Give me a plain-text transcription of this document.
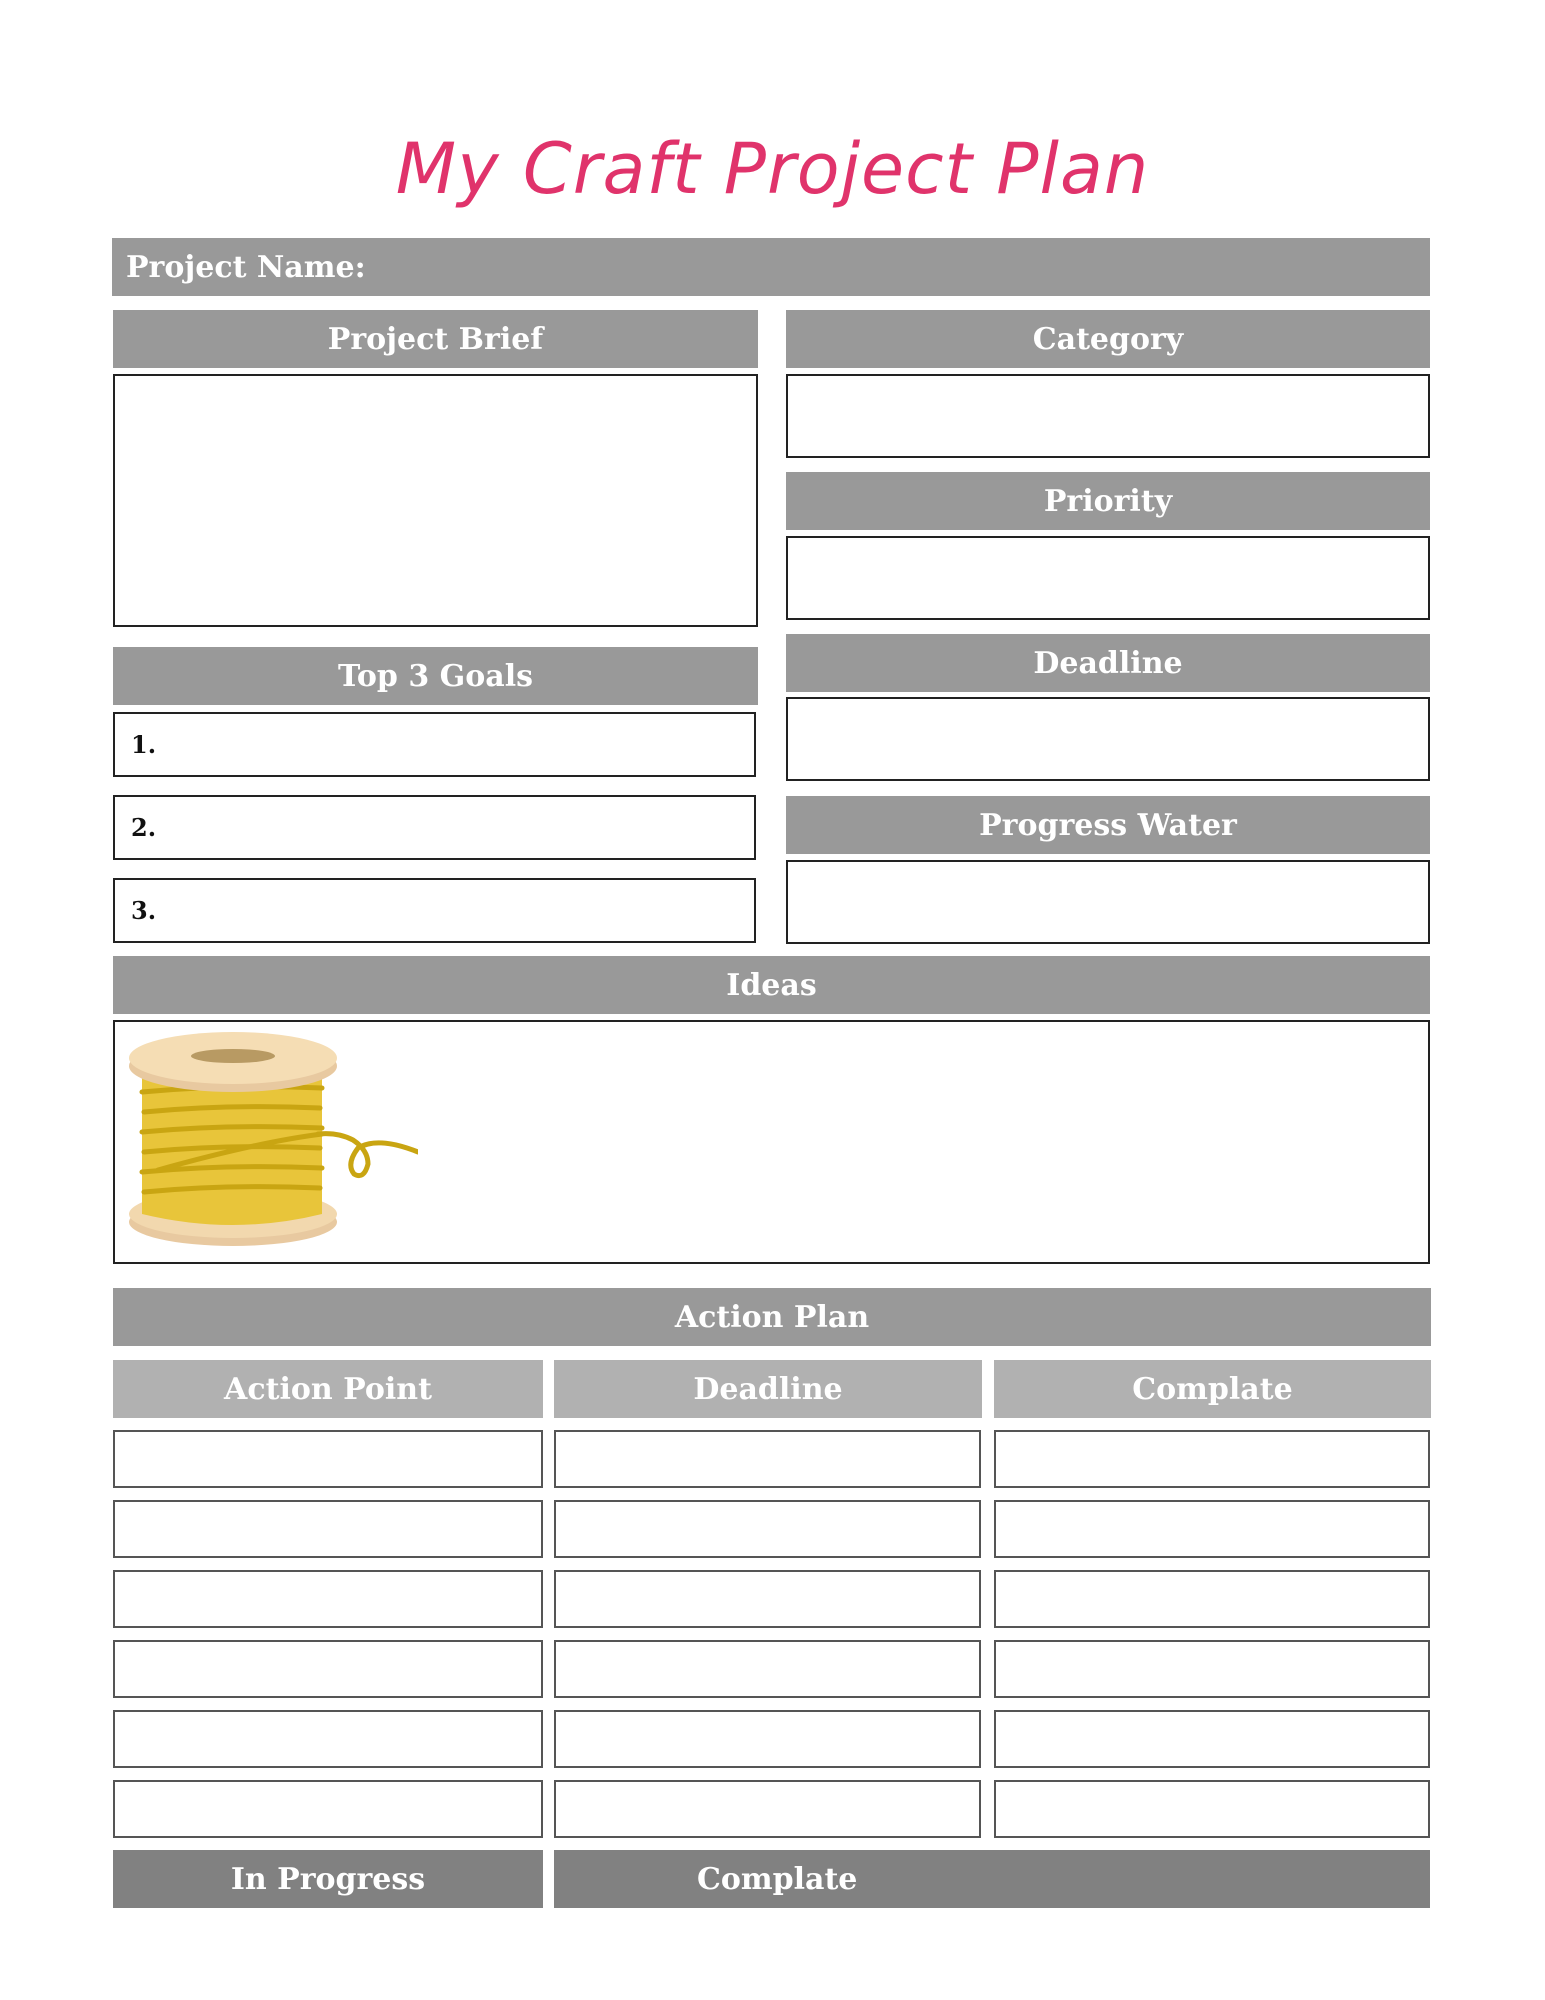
My Craft Project Plan
Project Name:
Project Brief
Top 3 Goals
1.
2.
3.
Category
Priority
Deadline
Progress Water
Ideas
Action Plan
Action Point	Deadline	Complate
In Progress	Complate
